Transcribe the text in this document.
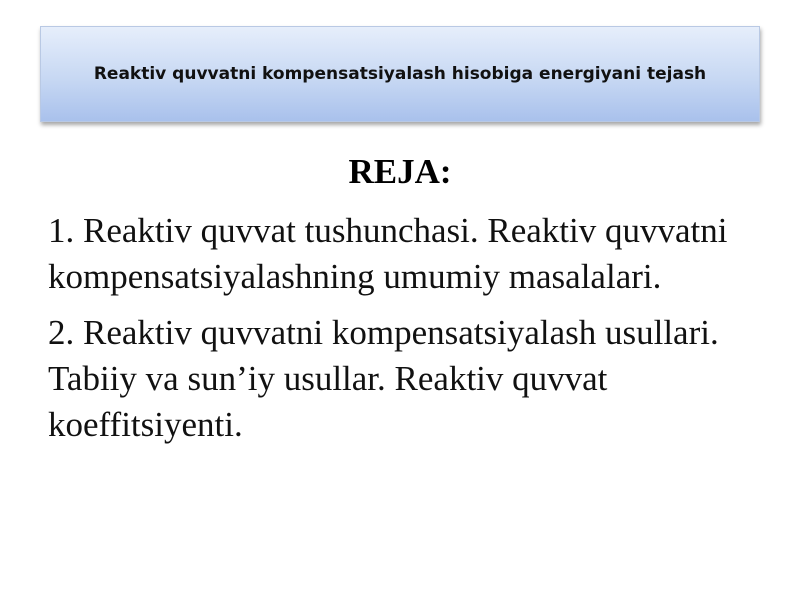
Reaktiv quvvatni kompensatsiyalash hisobiga energiyani tejash
REJA:

1. Reaktiv quvvat tushunchasi. Reaktiv quvvatni kompensatsiyalashning umumiy masalalari.

2. Reaktiv quvvatni kompensatsiyalash usullari. Tabiiy va sun’iy usullar. Reaktiv quvvat koeffitsiyenti.
